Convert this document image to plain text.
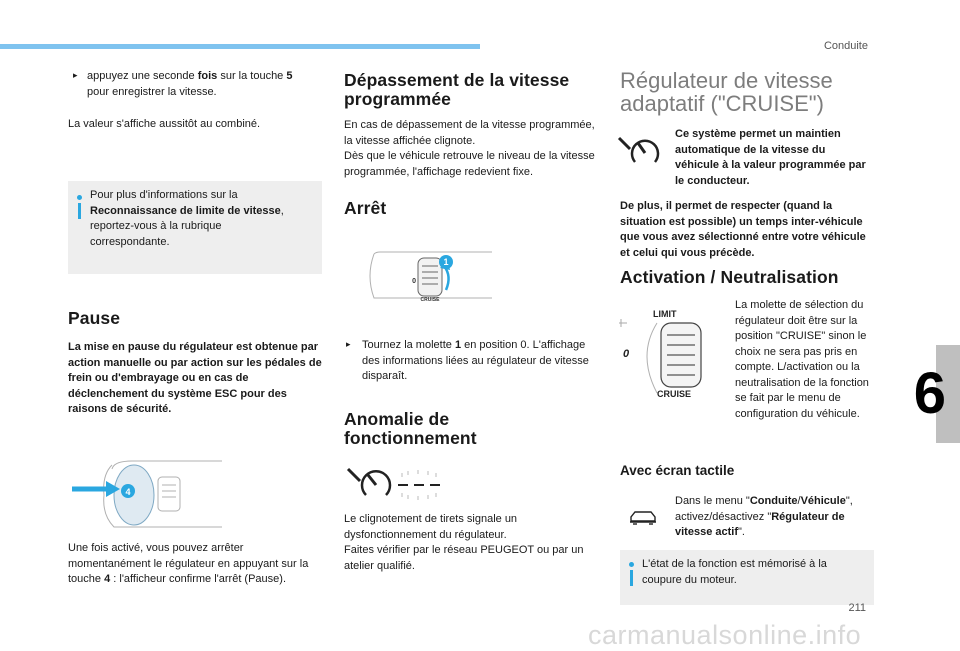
Conduite
▸ appuyez une seconde fois sur la touche 5 pour enregistrer la vitesse.

La valeur s'affiche aussitôt au combiné.

Pour plus d'informations sur la Reconnaissance de limite de vitesse, reportez-vous à la rubrique correspondante.

Pause

La mise en pause du régulateur est obtenue par action manuelle ou par action sur les pédales de frein ou d'embrayage ou en cas de déclenchement du système ESC pour des raisons de sécurité.

4

Une fois activé, vous pouvez arrêter momentanément le régulateur en appuyant sur la touche 4 : l'afficheur confirme l'arrêt (Pause).

Dépassement de la vitesse programmée

En cas de dépassement de la vitesse programmée, la vitesse affichée clignote.

Dès que le véhicule retrouve le niveau de la vitesse programmée, l'affichage redevient fixe.

Arrêt
0
CRUISE
1
▸ Tournez la molette 1 en position 0. L'affichage des informations liées au régulateur de vitesse disparaît.

Anomalie de fonctionnement

Le clignotement de tirets signale un dysfonctionnement du régulateur.

Faites vérifier par le réseau PEUGEOT ou par un atelier qualifié.

Régulateur de vitesse adaptatif ("CRUISE")

Ce système permet un maintien automatique de la vitesse du véhicule à la valeur programmée par le conducteur.

De plus, il permet de respecter (quand la situation est possible) un temps inter-véhicule que vous avez sélectionné entre votre véhicule et celui qui vous précède.

Activation / Neutralisation
LIMIT
0
CRUISE

La molette de sélection du régulateur doit être sur la position "CRUISE" sinon le choix ne sera pas pris en compte. L/activation ou la neutralisation de la fonction se fait par le menu de configuration du véhicule.

Avec écran tactile

Dans le menu "Conduite/Véhicule", activez/désactivez "Régulateur de vitesse actif".

L'état de la fonction est mémorisé à la coupure du moteur.

6
211
carmanualsonline.info
